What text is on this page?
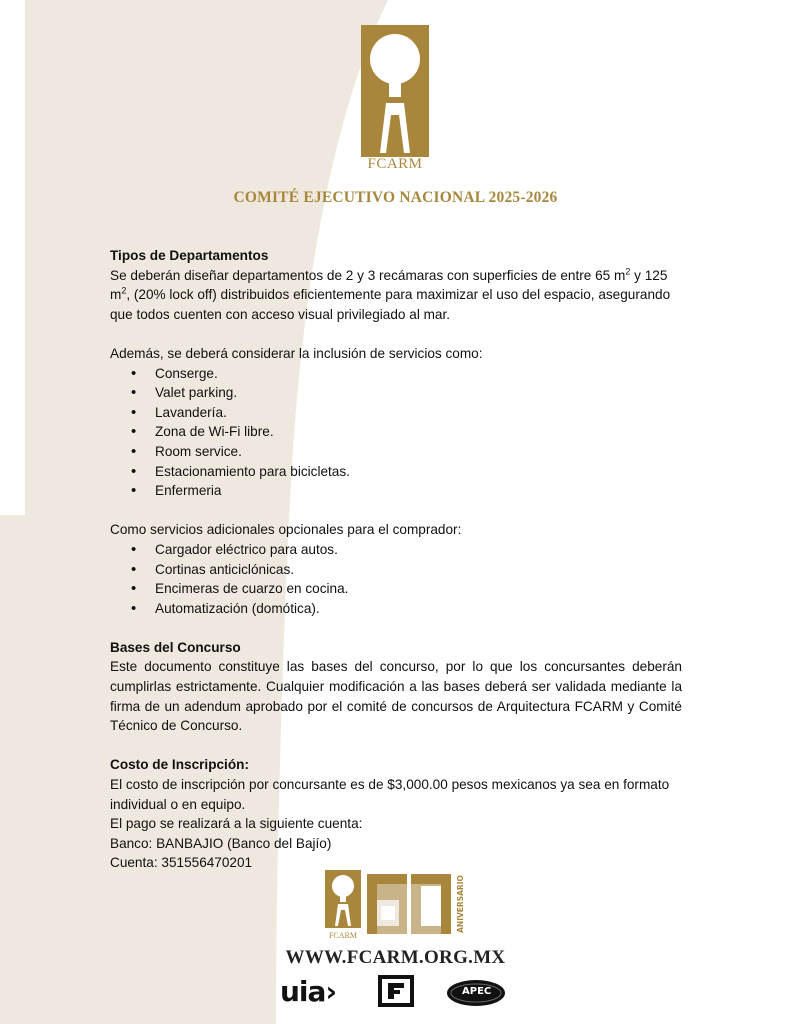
FCARM
COMITÉ EJECUTIVO NACIONAL 2025-2026

Tipos de Departamentos

Se deberán diseñar departamentos de 2 y 3 recámaras con superficies de entre 65 $m^2$ y 125 $m^2$, (20% lock off) distribuidos eficientemente para maximizar el uso del espacio, asegurando que todos cuenten con acceso visual privilegiado al mar.

Además, se deberá considerar la inclusión de servicios como:

• Conserge.
• Valet parking.
• Lavandería.
• Zona de Wi-Fi libre.
• Room service.
• Estacionamiento para bicicletas.
• Enfermeria

Como servicios adicionales opcionales para el comprador:

• Cargador eléctrico para autos.
• Cortinas anticiclónicas.
• Encimeras de cuarzo en cocina.
• Automatización (domótica).

Bases del Concurso

Este documento constituye las bases del concurso, por lo que los concursantes deberán cumplirlas estrictamente. Cualquier modificación a las bases deberá ser validada mediante la firma de un adendum aprobado por el comité de concursos de Arquitectura FCARM y Comité Técnico de Concurso.

Costo de Inscripción:

El costo de inscripción por concursante es de $3,000.00 pesos mexicanos ya sea en formato individual o en equipo.

El pago se realizará a la siguiente cuenta:

Banco: BANBAJIO (Banco del Bajío)

Cuenta: 351556470201

FCARM
ANIVERSARIO
WWW.FCARM.ORG.MX
uia›	APEC
